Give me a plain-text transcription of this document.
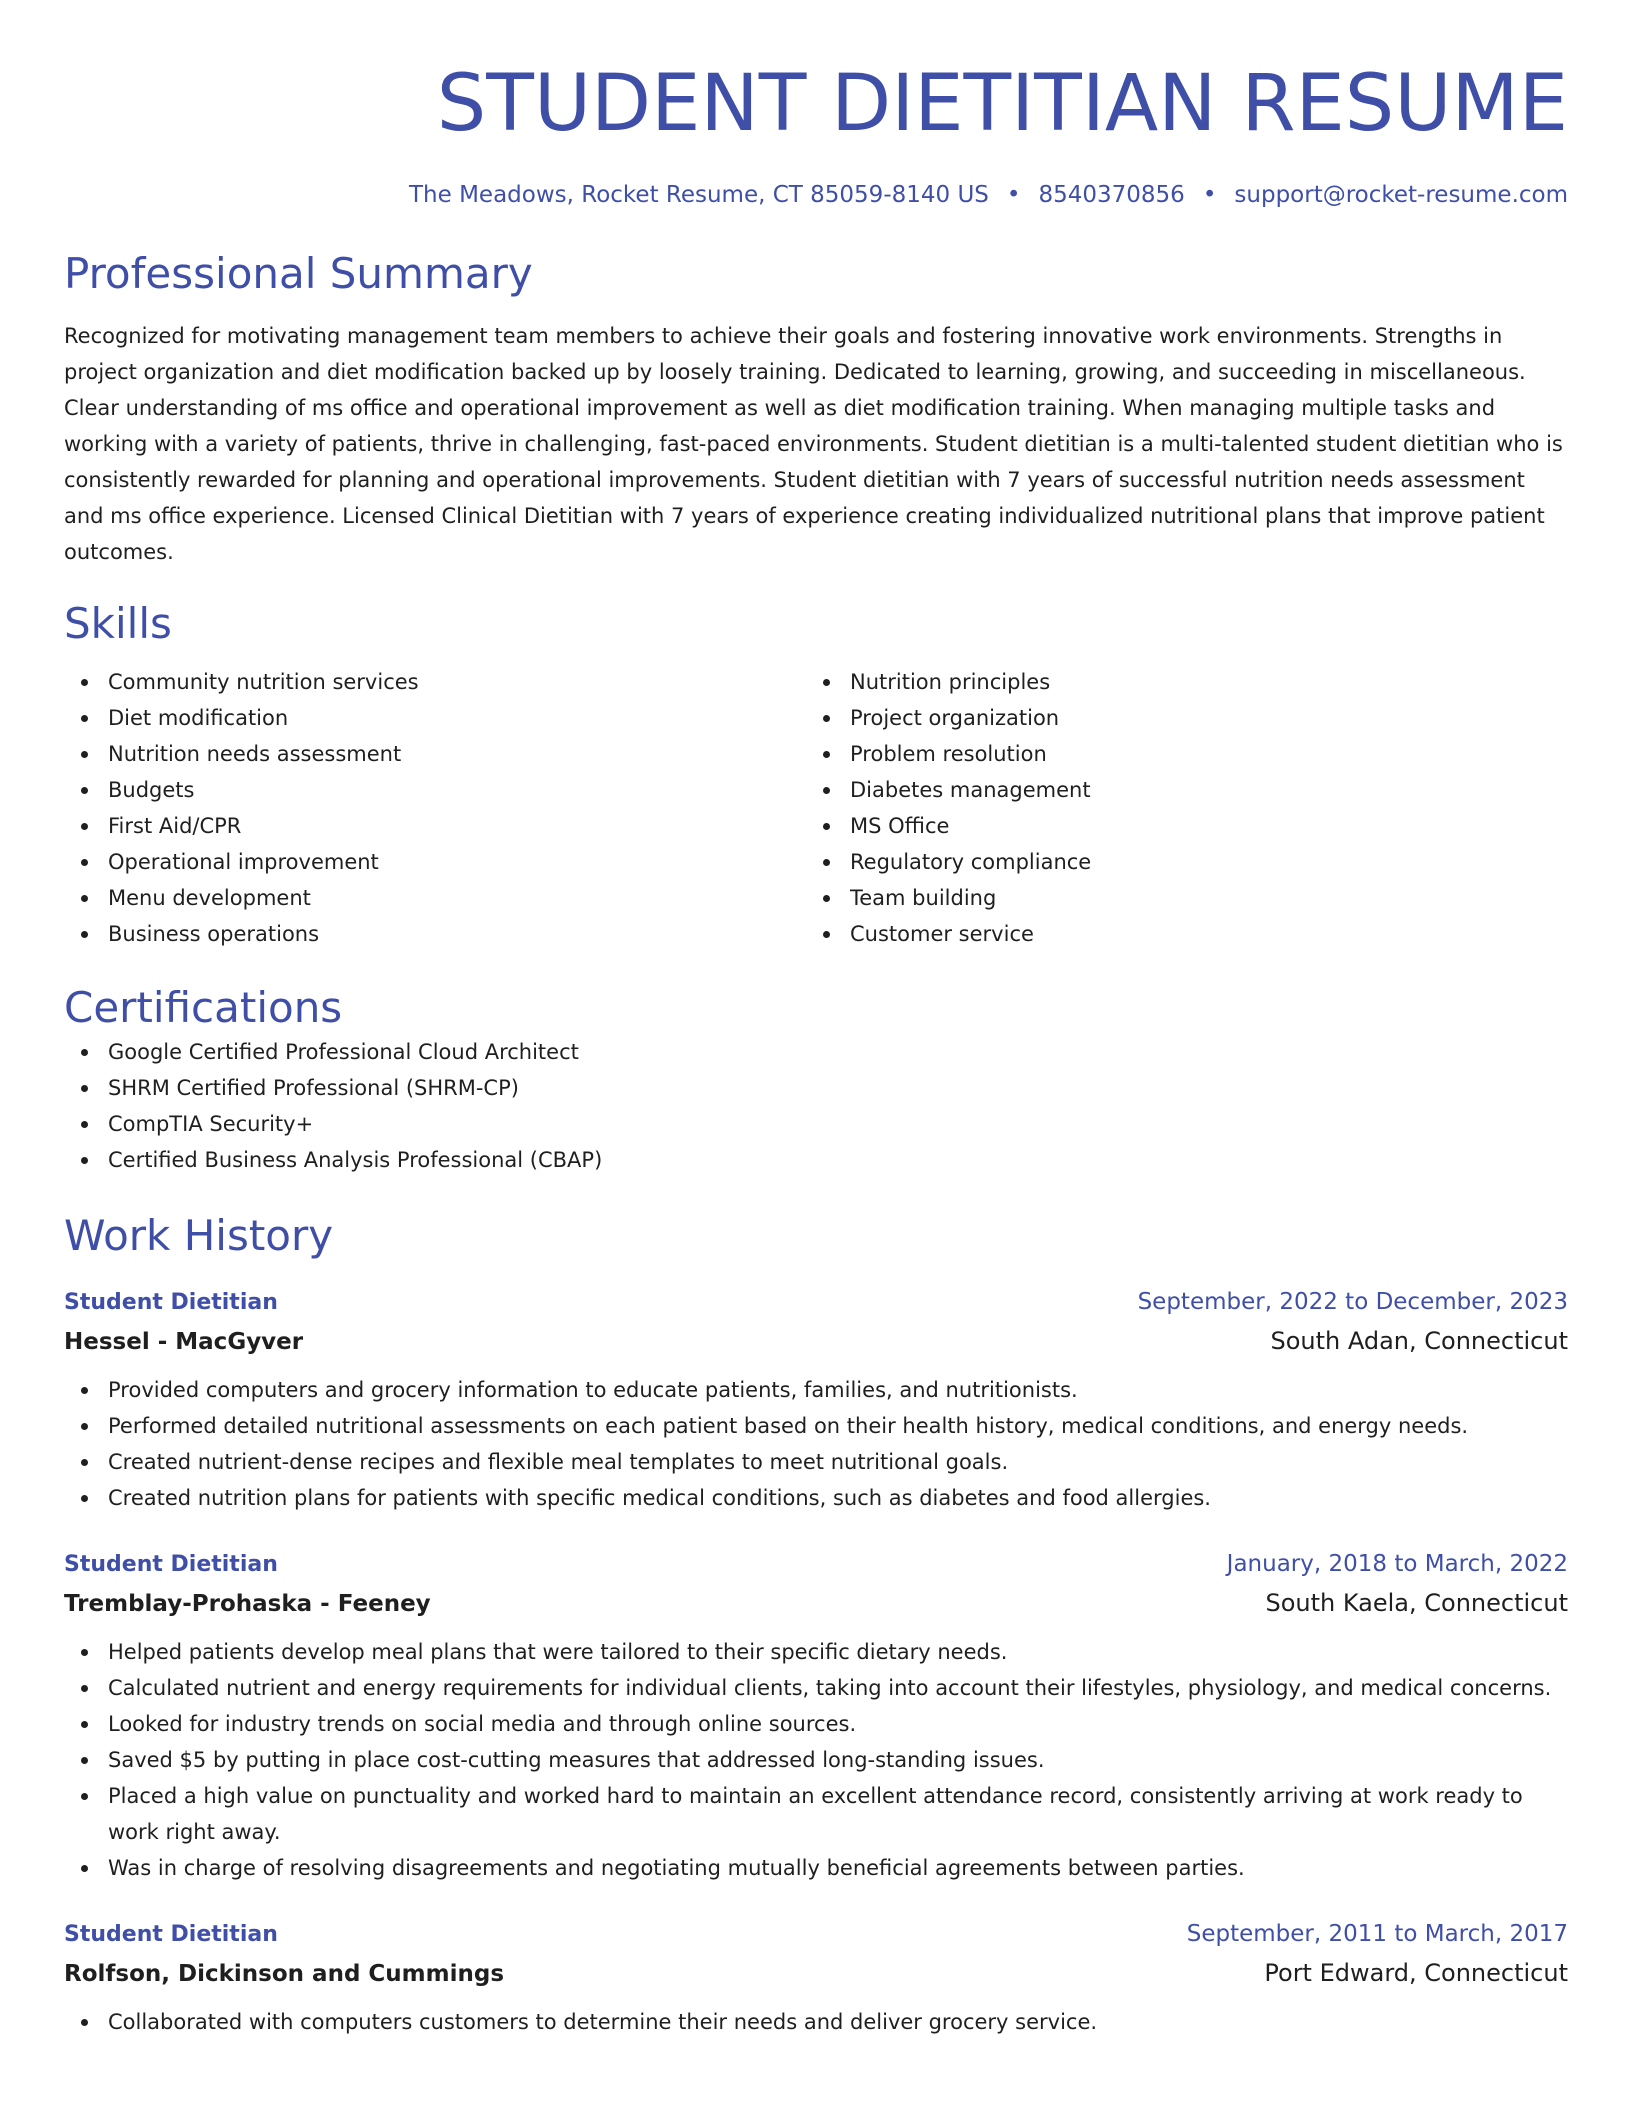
STUDENT DIETITIAN RESUME
The Meadows, Rocket Resume, CT 85059-8140 US • 8540370856 • support@rocket-resume.com
Professional Summary
Recognized for motivating management team members to achieve their goals and fostering innovative work environments. Strengths in project organization and diet modification backed up by loosely training. Dedicated to learning, growing, and succeeding in miscellaneous. Clear understanding of ms office and operational improvement as well as diet modification training. When managing multiple tasks and working with a variety of patients, thrive in challenging, fast-paced environments. Student dietitian is a multi-talented student dietitian who is consistently rewarded for planning and operational improvements. Student dietitian with 7 years of successful nutrition needs assessment and ms office experience. Licensed Clinical Dietitian with 7 years of experience creating individualized nutritional plans that improve patient outcomes.
Skills
Community nutrition services
Diet modification
Nutrition needs assessment
Budgets
First Aid/CPR
Operational improvement
Menu development
Business operations
Nutrition principles
Project organization
Problem resolution
Diabetes management
MS Office
Regulatory compliance
Team building
Customer service
Certifications
Google Certified Professional Cloud Architect
SHRM Certified Professional (SHRM-CP)
CompTIA Security+
Certified Business Analysis Professional (CBAP)
Work History
Student Dietitian	September, 2022 to December, 2023
Hessel - MacGyver	South Adan, Connecticut
Provided computers and grocery information to educate patients, families, and nutritionists.
Performed detailed nutritional assessments on each patient based on their health history, medical conditions, and energy needs.
Created nutrient-dense recipes and flexible meal templates to meet nutritional goals.
Created nutrition plans for patients with specific medical conditions, such as diabetes and food allergies.
Student Dietitian	January, 2018 to March, 2022
Tremblay-Prohaska - Feeney	South Kaela, Connecticut
Helped patients develop meal plans that were tailored to their specific dietary needs.
Calculated nutrient and energy requirements for individual clients, taking into account their lifestyles, physiology, and medical concerns.
Looked for industry trends on social media and through online sources.
Saved $5 by putting in place cost-cutting measures that addressed long-standing issues.
Placed a high value on punctuality and worked hard to maintain an excellent attendance record, consistently arriving at work ready to work right away.
Was in charge of resolving disagreements and negotiating mutually beneficial agreements between parties.
Student Dietitian	September, 2011 to March, 2017
Rolfson, Dickinson and Cummings	Port Edward, Connecticut
Collaborated with computers customers to determine their needs and deliver grocery service.
